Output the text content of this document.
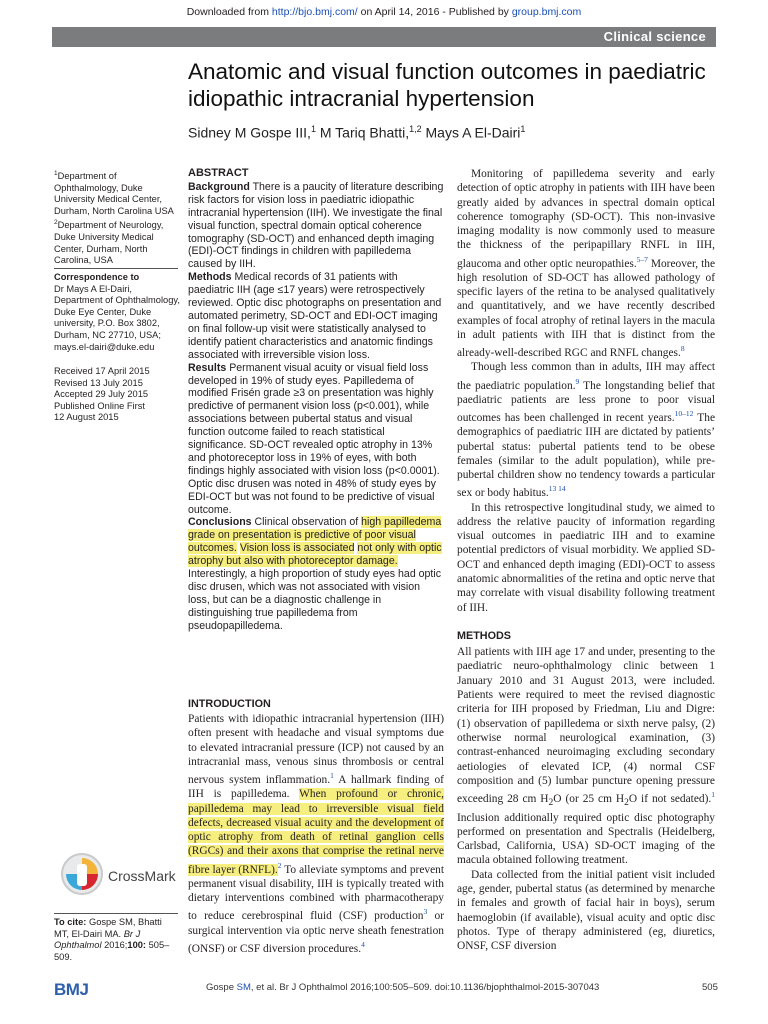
Downloaded from http://bjo.bmj.com/ on April 14, 2016 - Published by group.bmj.com
Clinical science
Anatomic and visual function outcomes in paediatric idiopathic intracranial hypertension
Sidney M Gospe III,$^1$ M Tariq Bhatti,$^{1,2}$ Mays A El-Dairi$^1$
$^1$Department of Ophthalmology, Duke University Medical Center, Durham, North Carolina USA
$^2$Department of Neurology, Duke University Medical Center, Durham, North Carolina, USA
Correspondence to
Dr Mays A El-Dairi, Department of Ophthalmology, Duke Eye Center, Duke university, P.O. Box 3802, Durham, NC 27710, USA; mays.el-dairi@duke.edu
Received 17 April 2015
Revised 13 July 2015
Accepted 29 July 2015
Published Online First
12 August 2015
ABSTRACT

Background There is a paucity of literature describing risk factors for vision loss in paediatric idiopathic intracranial hypertension (IIH). We investigate the final visual function, spectral domain optical coherence tomography (SD-OCT) and enhanced depth imaging (EDI)-OCT findings in children with papilledema caused by IIH.

Methods Medical records of 31 patients with paediatric IIH (age ≤17 years) were retrospectively reviewed. Optic disc photographs on presentation and automated perimetry, SD-OCT and EDI-OCT imaging on final follow-up visit were statistically analysed to identify patient characteristics and anatomic findings associated with irreversible vision loss.

Results Permanent visual acuity or visual field loss developed in 19% of study eyes. Papilledema of modified Frisén grade ≥3 on presentation was highly predictive of permanent vision loss (p<0.001), while associations between pubertal status and visual function outcome failed to reach statistical significance. SD-OCT revealed optic atrophy in 13% and photoreceptor loss in 19% of eyes, with both findings highly associated with vision loss (p<0.0001). Optic disc drusen was noted in 48% of study eyes by EDI-OCT but was not found to be predictive of visual outcome.

Conclusions Clinical observation of high papilledema grade on presentation is predictive of poor visual outcomes. Vision loss is associated not only with optic atrophy but also with photoreceptor damage. Interestingly, a high proportion of study eyes had optic disc drusen, which was not associated with vision loss, but can be a diagnostic challenge in distinguishing true papilledema from pseudopapilledema.

INTRODUCTION
Patients with idiopathic intracranial hypertension (IIH) often present with headache and visual symptoms due to elevated intracranial pressure (ICP) not caused by an intracranial mass, venous sinus thrombosis or central nervous system inflammation.$^1$ A hallmark finding of IIH is papilledema. When profound or chronic, papilledema may lead to irreversible visual field defects, decreased visual acuity and the development of optic atrophy from death of retinal ganglion cells (RGCs) and their axons that comprise the retinal nerve fibre layer (RNFL).$^2$ To alleviate symptoms and prevent permanent visual disability, IIH is typically treated with dietary interventions combined with pharmacotherapy to reduce cerebrospinal fluid (CSF) production$^3$ or surgical intervention via optic nerve sheath fenestration (ONSF) or CSF diversion procedures.$^4$

Monitoring of papilledema severity and early detection of optic atrophy in patients with IIH have been greatly aided by advances in spectral domain optical coherence tomography (SD-OCT). This non-invasive imaging modality is now commonly used to measure the thickness of the peripapillary RNFL in IIH, glaucoma and other optic neuropathies.$^{5-7}$ Moreover, the high resolution of SD-OCT has allowed pathology of specific layers of the retina to be analysed qualitatively and quantitatively, and we have recently described examples of focal atrophy of retinal layers in the macula in adult patients with IIH that is distinct from the already-well-described RGC and RNFL changes.$^8$

Though less common than in adults, IIH may affect the paediatric population.$^9$ The longstanding belief that paediatric patients are less prone to poor visual outcomes has been challenged in recent years.$^{10-12}$ The demographics of paediatric IIH are dictated by patients’ pubertal status: pubertal patients tend to be obese females (similar to the adult population), while pre-pubertal children show no tendency towards a particular sex or body habitus.$^{13 14}$

In this retrospective longitudinal study, we aimed to address the relative paucity of information regarding visual outcomes in paediatric IIH and to examine potential predictors of visual morbidity. We applied SD-OCT and enhanced depth imaging (EDI)-OCT to assess anatomic abnormalities of the retina and optic nerve that may correlate with visual disability following treatment of IIH.

METHODS

All patients with IIH age 17 and under, presenting to the paediatric neuro-ophthalmology clinic between 1 January 2010 and 31 August 2013, were included. Patients were required to meet the revised diagnostic criteria for IIH proposed by Friedman, Liu and Digre: (1) observation of papilledema or sixth nerve palsy, (2) otherwise normal neurological examination, (3) contrast-enhanced neuroimaging excluding secondary aetiologies of elevated ICP, (4) normal CSF composition and (5) lumbar puncture opening pressure exceeding 28 cm $H_2O$ (or 25 cm $H_2O$ if not sedated).$^1$ Inclusion additionally required optic disc photography performed on presentation and Spectralis (Heidelberg, Carlsbad, California, USA) SD-OCT imaging of the macula obtained following treatment.

Data collected from the initial patient visit included age, gender, pubertal status (as determined by menarche in females and growth of facial hair in boys), serum haemoglobin (if available), visual acuity and optic disc photos. Type of therapy administered (eg, diuretics, ONSF, CSF diversion

CrossMark
To cite: Gospe SM, Bhatti MT, El-Dairi MA. Br J Ophthalmol 2016;100: 505–509.
BMJ	Gospe SM, et al. Br J Ophthalmol 2016;100:505–509. doi:10.1136/bjophthalmol-2015-307043	505
